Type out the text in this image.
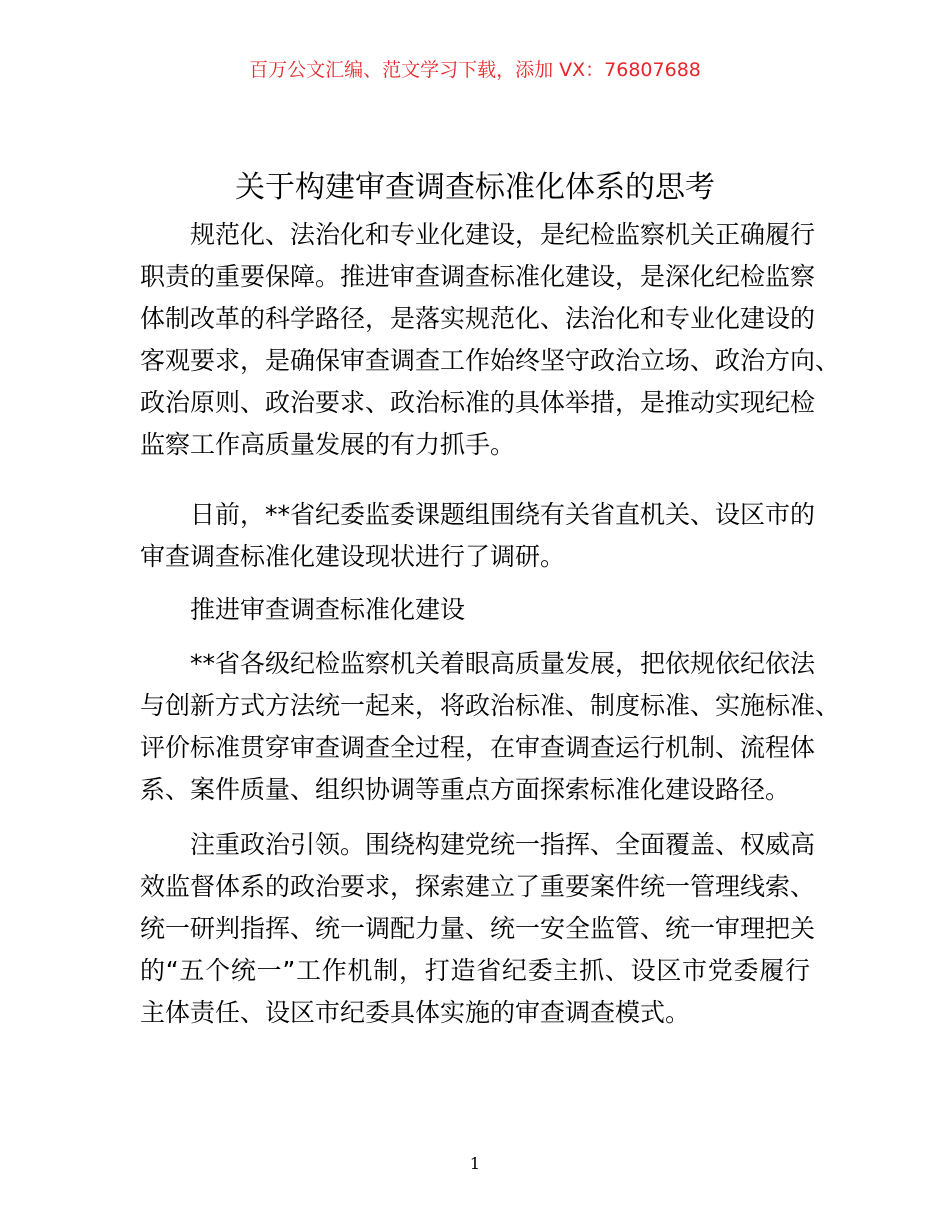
百万公文汇编、范文学习下载，添加 VX：76807688
关于构建审查调查标准化体系的思考
规范化、法治化和专业化建设，是纪检监察机关正确履行
职责的重要保障。推进审查调查标准化建设，是深化纪检监察
体制改革的科学路径，是落实规范化、法治化和专业化建设的
客观要求，是确保审查调查工作始终坚守政治立场、政治方向、
政治原则、政治要求、政治标准的具体举措，是推动实现纪检
监察工作高质量发展的有力抓手。
日前，**省纪委监委课题组围绕有关省直机关、设区市的
审查调查标准化建设现状进行了调研。
推进审查调查标准化建设
**省各级纪检监察机关着眼高质量发展，把依规依纪依法
与创新方式方法统一起来，将政治标准、制度标准、实施标准、
评价标准贯穿审查调查全过程，在审查调查运行机制、流程体
系、案件质量、组织协调等重点方面探索标准化建设路径。
注重政治引领。围绕构建党统一指挥、全面覆盖、权威高
效监督体系的政治要求，探索建立了重要案件统一管理线索、
统一研判指挥、统一调配力量、统一安全监管、统一审理把关
的“五个统一”工作机制，打造省纪委主抓、设区市党委履行
主体责任、设区市纪委具体实施的审查调查模式。
1
